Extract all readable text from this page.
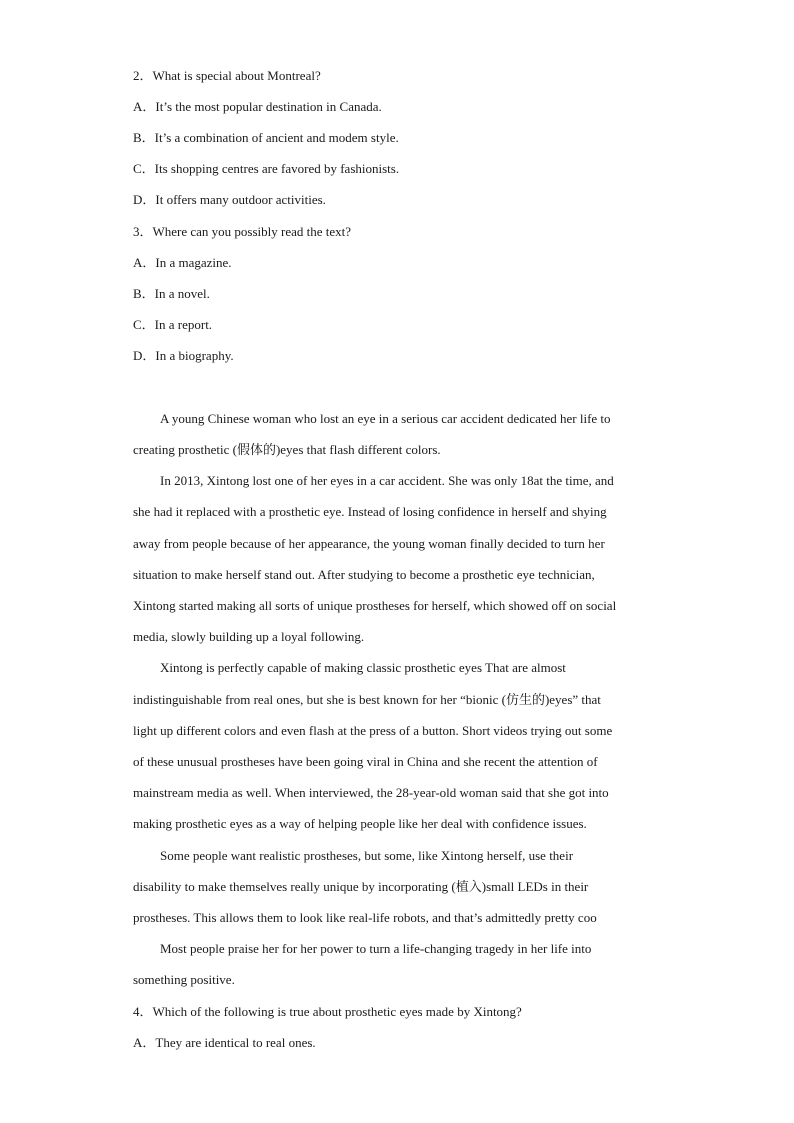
2．What is special about Montreal?
A．It’s the most popular destination in Canada.
B．It’s a combination of ancient and modem style.
C．Its shopping centres are favored by fashionists.
D．It offers many outdoor activities.
3．Where can you possibly read the text?
A．In a magazine.
B．In a novel.
C．In a report.
D．In a biography.
A young Chinese woman who lost an eye in a serious car accident dedicated her life to
creating prosthetic (假体的)eyes that flash different colors.
In 2013, Xintong lost one of her eyes in a car accident. She was only 18at the time, and
she had it replaced with a prosthetic eye. Instead of losing confidence in herself and shying
away from people because of her appearance, the young woman finally decided to turn her
situation to make herself stand out. After studying to become a prosthetic eye technician,
Xintong started making all sorts of unique prostheses for herself, which showed off on social
media, slowly building up a loyal following.
Xintong is perfectly capable of making classic prosthetic eyes That are almost
indistinguishable from real ones, but she is best known for her “bionic (仿生的)eyes” that
light up different colors and even flash at the press of a button. Short videos trying out some
of these unusual prostheses have been going viral in China and she recent the attention of
mainstream media as well. When interviewed, the 28-year-old woman said that she got into
making prosthetic eyes as a way of helping people like her deal with confidence issues.
Some people want realistic prostheses, but some, like Xintong herself, use their
disability to make themselves really unique by incorporating (植入)small LEDs in their
prostheses. This allows them to look like real-life robots, and that’s admittedly pretty coo
Most people praise her for her power to turn a life-changing tragedy in her life into
something positive.
4．Which of the following is true about prosthetic eyes made by Xintong?
A．They are identical to real ones.
